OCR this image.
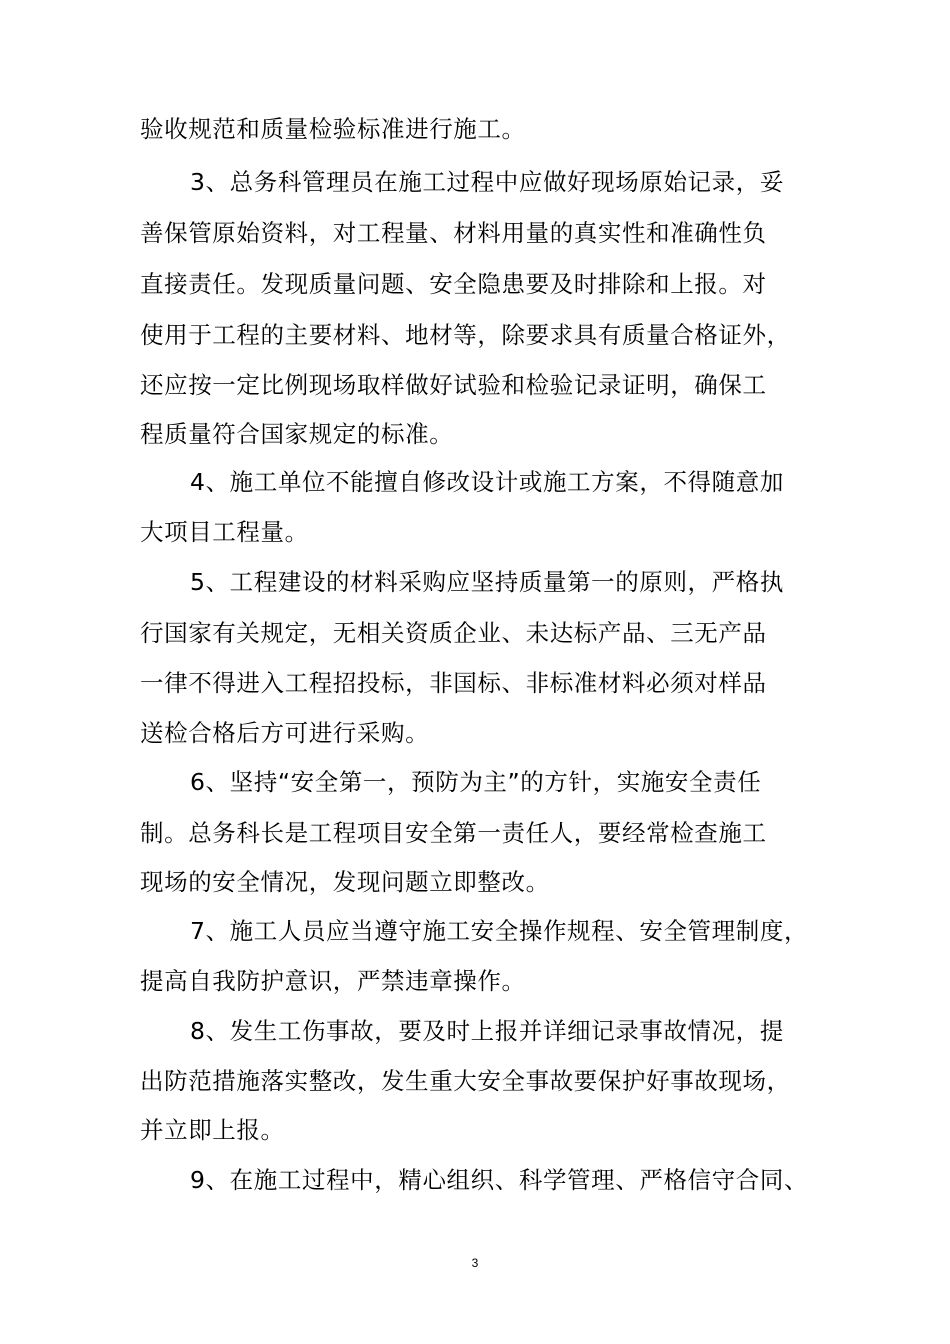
验收规范和质量检验标准进行施工。
3、总务科管理员在施工过程中应做好现场原始记录，妥
善保管原始资料，对工程量、材料用量的真实性和准确性负
直接责任。发现质量问题、安全隐患要及时排除和上报。对
使用于工程的主要材料、地材等，除要求具有质量合格证外，
还应按一定比例现场取样做好试验和检验记录证明，确保工
程质量符合国家规定的标准。
4、施工单位不能擅自修改设计或施工方案，不得随意加
大项目工程量。
5、工程建设的材料采购应坚持质量第一的原则，严格执
行国家有关规定，无相关资质企业、未达标产品、三无产品
一律不得进入工程招投标，非国标、非标准材料必须对样品
送检合格后方可进行采购。
6、坚持“安全第一，预防为主”的方针，实施安全责任
制。总务科长是工程项目安全第一责任人，要经常检查施工
现场的安全情况，发现问题立即整改。
7、施工人员应当遵守施工安全操作规程、安全管理制度，
提高自我防护意识，严禁违章操作。
8、发生工伤事故，要及时上报并详细记录事故情况，提
出防范措施落实整改，发生重大安全事故要保护好事故现场，
并立即上报。
9、在施工过程中，精心组织、科学管理、严格信守合同、
3
